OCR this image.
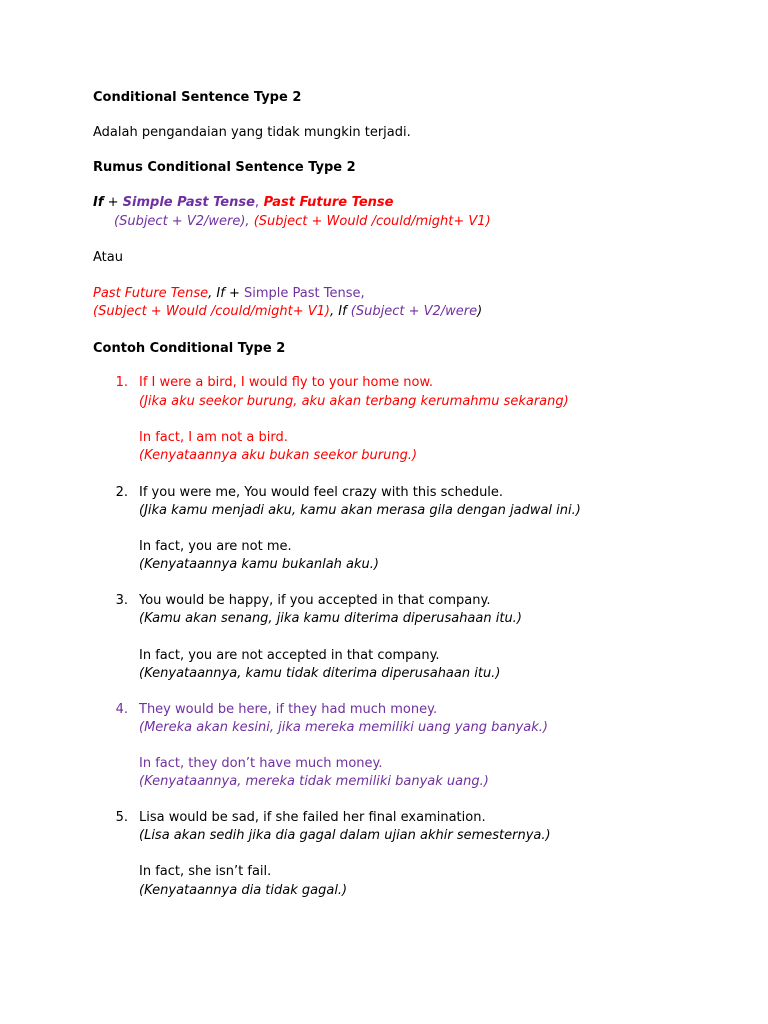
Conditional Sentence Type 2
Adalah pengandaian yang tidak mungkin terjadi.
Rumus Conditional Sentence Type 2
If + Simple Past Tense, Past Future Tense
(Subject + V2/were), (Subject + Would /could/might+ V1)
Atau
Past Future Tense, If + Simple Past Tense,
(Subject + Would /could/might+ V1), If (Subject + V2/were)
Contoh Conditional Type 2
1. If I were a bird, I would fly to your home now.
(Jika aku seekor burung, aku akan terbang kerumahmu sekarang)
In fact, I am not a bird.
(Kenyataannya aku bukan seekor burung.)
2. If you were me, You would feel crazy with this schedule.
(Jika kamu menjadi aku, kamu akan merasa gila dengan jadwal ini.)
In fact, you are not me.
(Kenyataannya kamu bukanlah aku.)
3. You would be happy, if you accepted in that company.
(Kamu akan senang, jika kamu diterima diperusahaan itu.)
In fact, you are not accepted in that company.
(Kenyataannya, kamu tidak diterima diperusahaan itu.)
4. They would be here, if they had much money.
(Mereka akan kesini, jika mereka memiliki uang yang banyak.)
In fact, they don’t have much money.
(Kenyataannya, mereka tidak memiliki banyak uang.)
5. Lisa would be sad, if she failed her final examination.
(Lisa akan sedih jika dia gagal dalam ujian akhir semesternya.)
In fact, she isn’t fail.
(Kenyataannya dia tidak gagal.)
